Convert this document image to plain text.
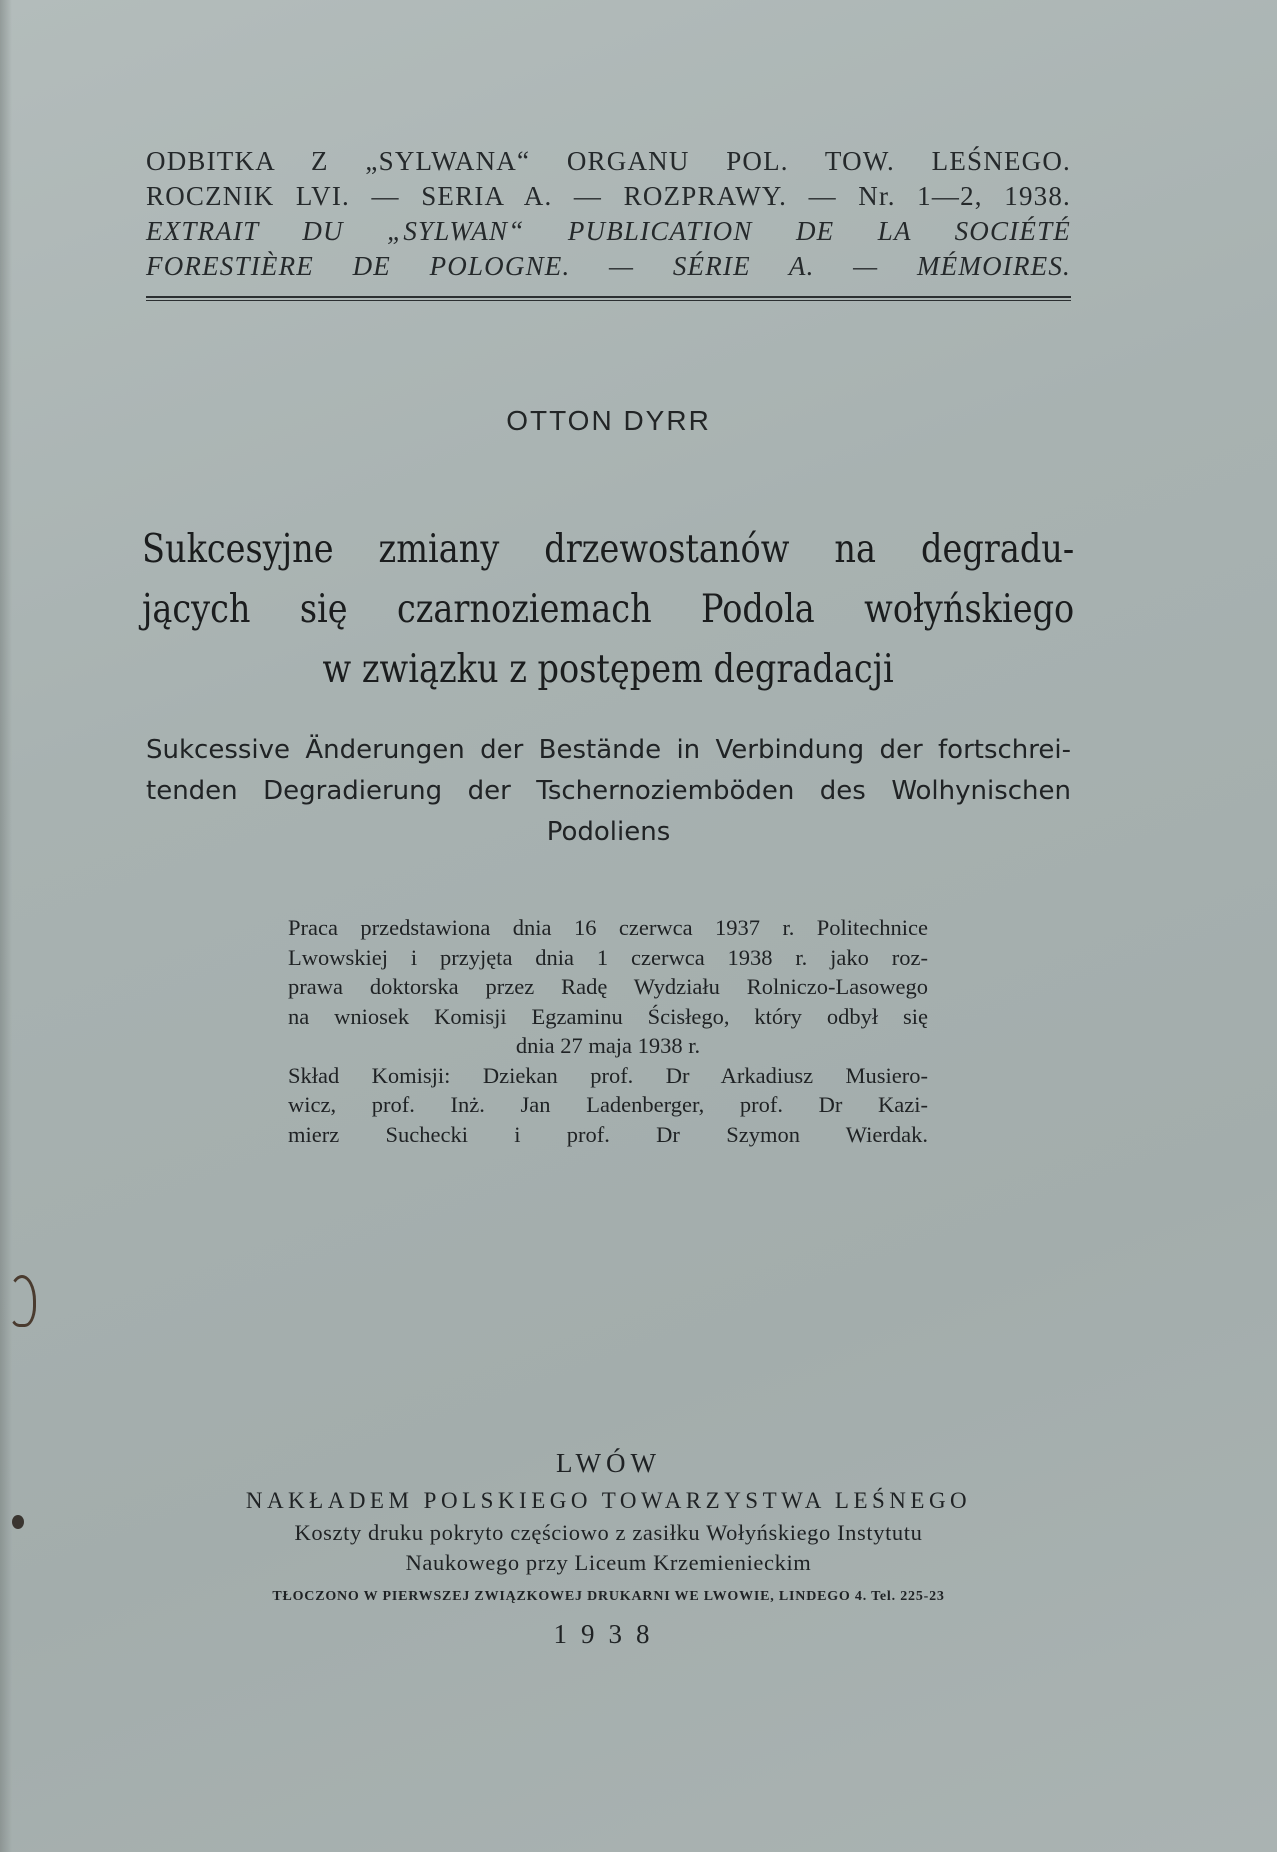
ODBITKA Z „SYLWANA“ ORGANU POL. TOW. LEŚNEGO.
ROCZNIK LVI. — SERIA A. — ROZPRAWY. — Nr. 1—2, 1938.
EXTRAIT DU „SYLWAN“ PUBLICATION DE LA SOCIÉTÉ
FORESTIÈRE DE POLOGNE. — SÉRIE A. — MÉMOIRES.
OTTON DYRR
Sukcesyjne zmiany drzewostanów na degradu-
jących się czarnoziemach Podola wołyńskiego
w związku z postępem degradacji
Sukcessive Änderungen der Bestände in Verbindung der fortschrei-
tenden Degradierung der Tschernoziemböden des Wolhynischen
Podoliens
Praca przedstawiona dnia 16 czerwca 1937 r. Politechnice
Lwowskiej i przyjęta dnia 1 czerwca 1938 r. jako roz-
prawa doktorska przez Radę Wydziału Rolniczo-Lasowego
na wniosek Komisji Egzaminu Ścisłego, który odbył się
dnia 27 maja 1938 r.
Skład Komisji: Dziekan prof. Dr Arkadiusz Musiero-
wicz, prof. Inż. Jan Ladenberger, prof. Dr Kazi-
mierz Suchecki i prof. Dr Szymon Wierdak.
LWÓW
NAKŁADEM POLSKIEGO TOWARZYSTWA LEŚNEGO
Koszty druku pokryto częściowo z zasiłku Wołyńskiego Instytutu
Naukowego przy Liceum Krzemienieckim
TŁOCZONO W PIERWSZEJ ZWIĄZKOWEJ DRUKARNI WE LWOWIE, LINDEGO 4. Tel. 225-23
1938
